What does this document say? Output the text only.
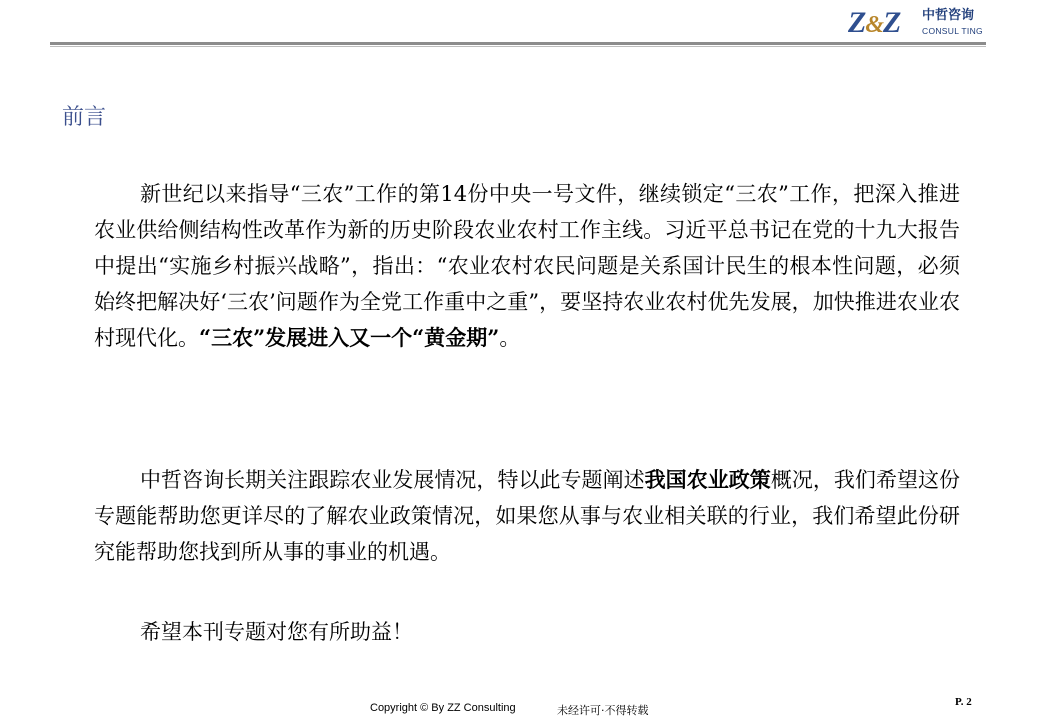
Z&Z 中哲咨询
CONSUL TING
前言

新世纪以来指导“三农”工作的第14份中央一号文件，继续锁定“三农”工作，把深入推进农业供给侧结构性改革作为新的历史阶段农业农村工作主线。习近平总书记在党的十九大报告中提出“实施乡村振兴战略”，指出：“农业农村农民问题是关系国计民生的根本性问题，必须始终把解决好‘三农’问题作为全党工作重中之重”，要坚持农业农村优先发展，加快推进农业农村现代化。“三农”发展进入又一个“黄金期”。

中哲咨询长期关注跟踪农业发展情况，特以此专题阐述我国农业政策概况，我们希望这份专题能帮助您更详尽的了解农业政策情况，如果您从事与农业相关联的行业，我们希望此份研究能帮助您找到所从事的事业的机遇。

希望本刊专题对您有所助益！

Copyright © By ZZ Consulting	未经许可·不得转载
P. 2
